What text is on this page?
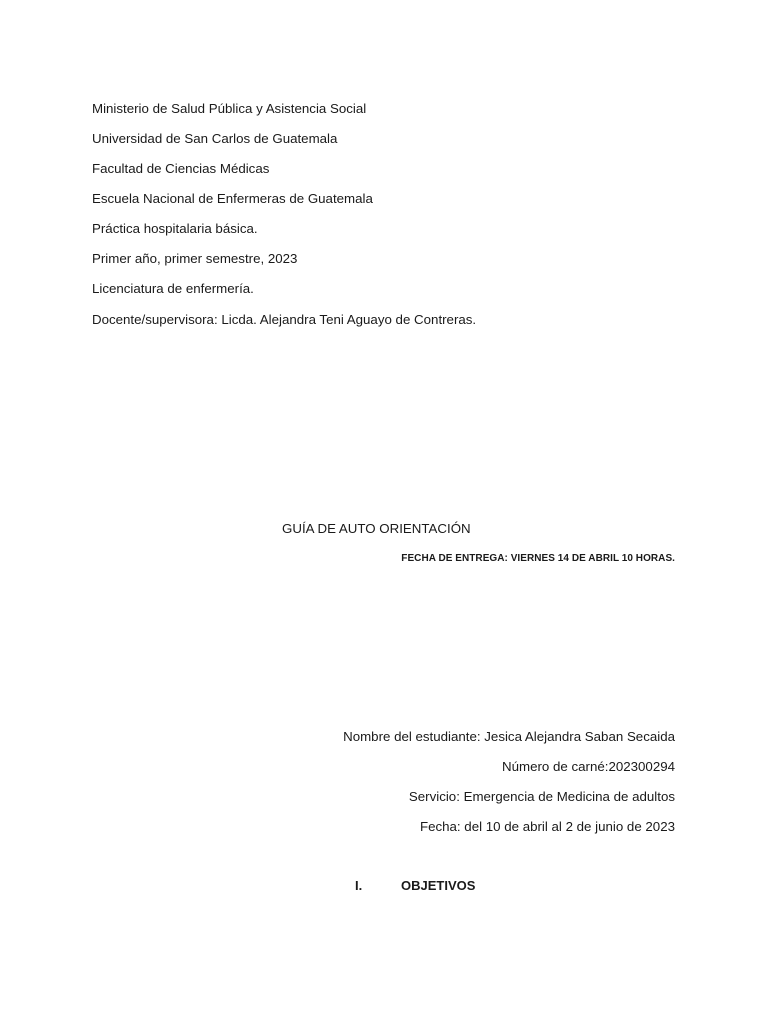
Ministerio de Salud Pública y Asistencia Social
Universidad de San Carlos de Guatemala
Facultad de Ciencias Médicas
Escuela Nacional de Enfermeras de Guatemala
Práctica hospitalaria básica.
Primer año, primer semestre, 2023
Licenciatura de enfermería.
Docente/supervisora: Licda. Alejandra Teni Aguayo de Contreras.
GUÍA DE AUTO ORIENTACIÓN
FECHA DE ENTREGA: VIERNES 14 DE ABRIL 10 HORAS.
Nombre del estudiante: Jesica Alejandra Saban Secaida
Número de carné:202300294
Servicio: Emergencia de Medicina de adultos
Fecha: del 10 de abril al 2 de junio de 2023
I.	OBJETIVOS
